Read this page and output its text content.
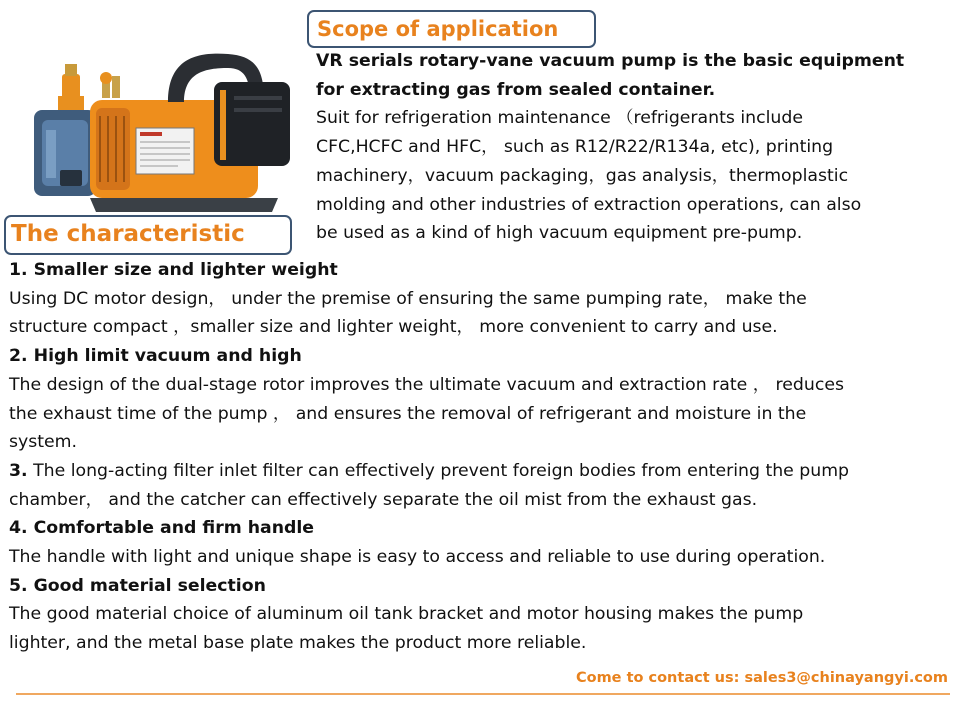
Scope of application
VR serials rotary-vane vacuum pump is the basic equipment
for extracting gas from sealed container.
Suit for refrigeration maintenance （refrigerants include
CFC,HCFC and HFC， such as R12/R22/R134a, etc), printing
machinery，vacuum packaging，gas analysis，thermoplastic
molding and other industries of extraction operations, can also
be used as a kind of high vacuum equipment pre-pump.
The characteristic
1. Smaller size and lighter weight
Using DC motor design， under the premise of ensuring the same pumping rate， make the
structure compact ，smaller size and lighter weight， more convenient to carry and use.
2. High limit vacuum and high
The design of the dual-stage rotor improves the ultimate vacuum and extraction rate ， reduces
the exhaust time of the pump ， and ensures the removal of refrigerant and moisture in the
system.
3. The long-acting filter inlet filter can effectively prevent foreign bodies from entering the pump
chamber， and the catcher can effectively separate the oil mist from the exhaust gas.
4. Comfortable and firm handle
The handle with light and unique shape is easy to access and reliable to use during operation.
5. Good material selection
The good material choice of aluminum oil tank bracket and motor housing makes the pump
lighter, and the metal base plate makes the product more reliable.
Come to contact us: sales3@chinayangyi.com
